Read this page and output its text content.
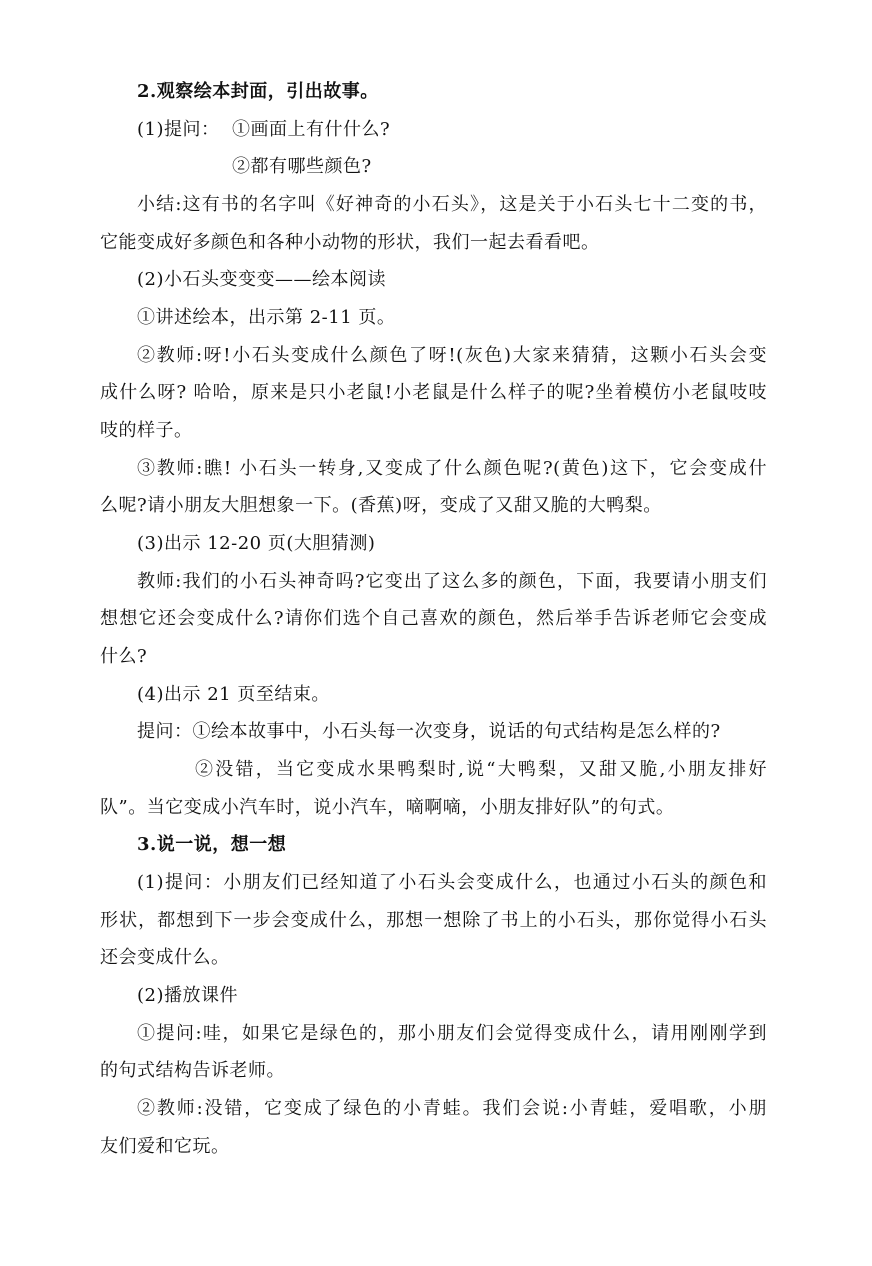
2.观察绘本封面，引出故事。
(1)提问： ①画面上有什什么?
②都有哪些颜色?
小结:这有书的名字叫《好神奇的小石头》，这是关于小石头七十二变的书，
它能变成好多颜色和各种小动物的形状，我们一起去看看吧。
(2)小石头变变变——绘本阅读
①讲述绘本，出示第 2-11 页。
②教师:呀!小石头变成什么颜色了呀!(灰色)大家来猜猜，这颗小石头会变
成什么呀? 哈哈，原来是只小老鼠!小老鼠是什么样子的呢?坐着模仿小老鼠吱吱
吱的样子。
③教师:瞧! 小石头一转身,又变成了什么颜色呢?(黄色)这下，它会变成什
么呢?请小朋友大胆想象一下。(香蕉)呀，变成了又甜又脆的大鸭梨。
(3)出示 12-20 页(大胆猜测)
教师:我们的小石头神奇吗?它变出了这么多的颜色，下面，我要请小朋支们
想想它还会变成什么?请你们选个自己喜欢的颜色，然后举手告诉老师它会变成
什么?
(4)出示 21 页至结束。
提问：①绘本故事中，小石头每一次变身，说话的句式结构是怎么样的?
②没错，当它变成水果鸭梨时,说“大鸭梨，又甜又脆,小朋友排好
队”。当它变成小汽车时，说小汽车，嘀啊嘀，小朋友排好队”的句式。
3.说一说，想一想
(1)提问：小朋友们已经知道了小石头会变成什么，也通过小石头的颜色和
形状，都想到下一步会变成什么，那想一想除了书上的小石头，那你觉得小石头
还会变成什么。
(2)播放课件
①提问:哇，如果它是绿色的，那小朋友们会觉得变成什么，请用刚刚学到
的句式结构告诉老师。
②教师:没错，它变成了绿色的小青蛙。我们会说:小青蛙，爱唱歌，小朋
友们爱和它玩。
